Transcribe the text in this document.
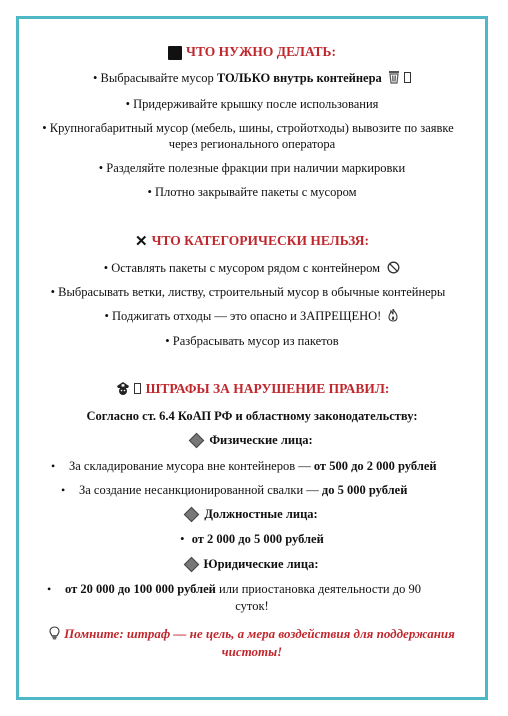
✓ ЧТО НУЖНО ДЕЛАТЬ:
• Выбрасывайте мусор ТОЛЬКО внутрь контейнера
• Придерживайте крышку после использования
• Крупногабаритный мусор (мебель, шины, стройотходы) вывозите по заявке
через регионального оператора
• Разделяйте полезные фракции при наличии маркировки
• Плотно закрывайте пакеты с мусором
✕ ЧТО КАТЕГОРИЧЕСКИ НЕЛЬЗЯ:
• Оставлять пакеты с мусором рядом с контейнером
• Выбрасывать ветки, листву, строительный мусор в обычные контейнеры
• Поджигать отходы — это опасно и ЗАПРЕЩЕНО!
• Разбрасывать мусор из пакетов
ШТРАФЫ ЗА НАРУШЕНИЕ ПРАВИЛ:
Согласно ст. 6.4 КоАП РФ и областному законодательству:
Физические лица:
• За складирование мусора вне контейнеров — от 500 до 2 000 рублей
• За создание несанкционированной свалки — до 5 000 рублей
Должностные лица:
• от 2 000 до 5 000 рублей
Юридические лица:
• от 20 000 до 100 000 рублей или приостановка деятельности до 90
суток!
Помните: штраф — не цель, а мера воздействия для поддержания
чистоты!
